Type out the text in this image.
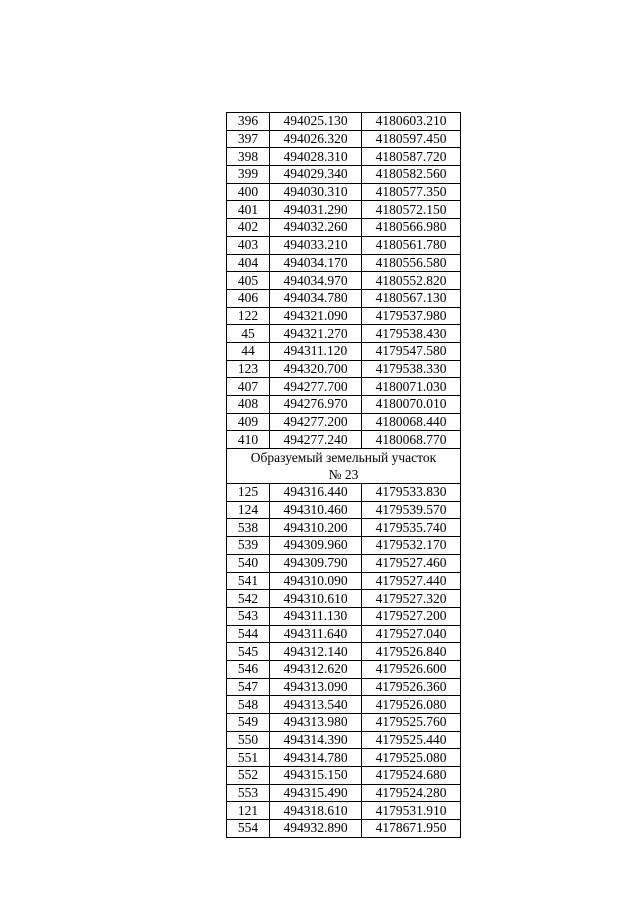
396	494025.130	4180603.210
397	494026.320	4180597.450
398	494028.310	4180587.720
399	494029.340	4180582.560
400	494030.310	4180577.350
401	494031.290	4180572.150
402	494032.260	4180566.980
403	494033.210	4180561.780
404	494034.170	4180556.580
405	494034.970	4180552.820
406	494034.780	4180567.130
122	494321.090	4179537.980
45	494321.270	4179538.430
44	494311.120	4179547.580
123	494320.700	4179538.330
407	494277.700	4180071.030
408	494276.970	4180070.010
409	494277.200	4180068.440
410	494277.240	4180068.770

Образуемый земельный участок
№ 23		

125	494316.440	4179533.830
124	494310.460	4179539.570
538	494310.200	4179535.740
539	494309.960	4179532.170
540	494309.790	4179527.460
541	494310.090	4179527.440
542	494310.610	4179527.320
543	494311.130	4179527.200
544	494311.640	4179527.040
545	494312.140	4179526.840
546	494312.620	4179526.600
547	494313.090	4179526.360
548	494313.540	4179526.080
549	494313.980	4179525.760
550	494314.390	4179525.440
551	494314.780	4179525.080
552	494315.150	4179524.680
553	494315.490	4179524.280
121	494318.610	4179531.910
554	494932.890	4178671.950
